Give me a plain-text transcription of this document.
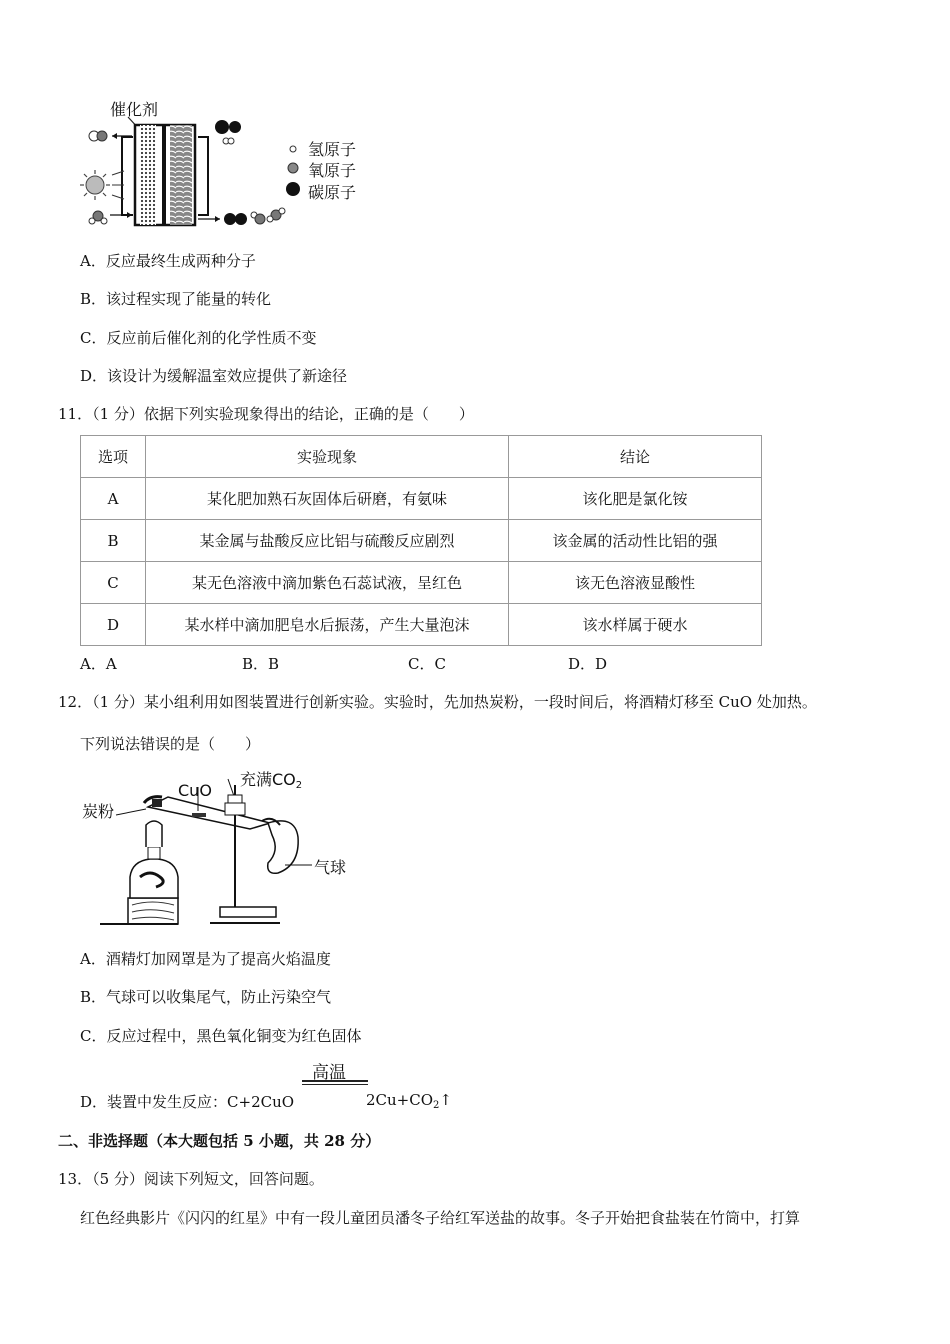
催化剂
氢原子
氧原子
碳原子
A．反应最终生成两种分子
B．该过程实现了能量的转化
C．反应前后催化剂的化学性质不变
D．该设计为缓解温室效应提供了新途径
11．（1 分）依据下列实验现象得出的结论，正确的是（　　）
选项	实验现象	结论
A	某化肥加熟石灰固体后研磨，有氨味	该化肥是氯化铵
B	某金属与盐酸反应比铝与硫酸反应剧烈	该金属的活动性比铝的强
C	某无色溶液中滴加紫色石蕊试液，呈红色	该无色溶液显酸性
D	某水样中滴加肥皂水后振荡，产生大量泡沫	该水样属于硬水
A．A	B．B	C．C	D．D
12．（1 分）某小组利用如图装置进行创新实验。实验时，先加热炭粉，一段时间后，将酒精灯移至 CuO 处加热。
下列说法错误的是（　　）
炭粉
CuO
充满$CO_2$
气球
A．酒精灯加网罩是为了提高火焰温度
B．气球可以收集尾气，防止污染空气
C．反应过程中，黑色氧化铜变为红色固体
高温
D．装置中发生反应：C+2CuO	$2Cu+CO_2↑$
二、非选择题（本大题包括 5 小题，共 28 分）
13．（5 分）阅读下列短文，回答问题。
红色经典影片《闪闪的红星》中有一段儿童团员潘冬子给红军送盐的故事。冬子开始把食盐装在竹筒中，打算
